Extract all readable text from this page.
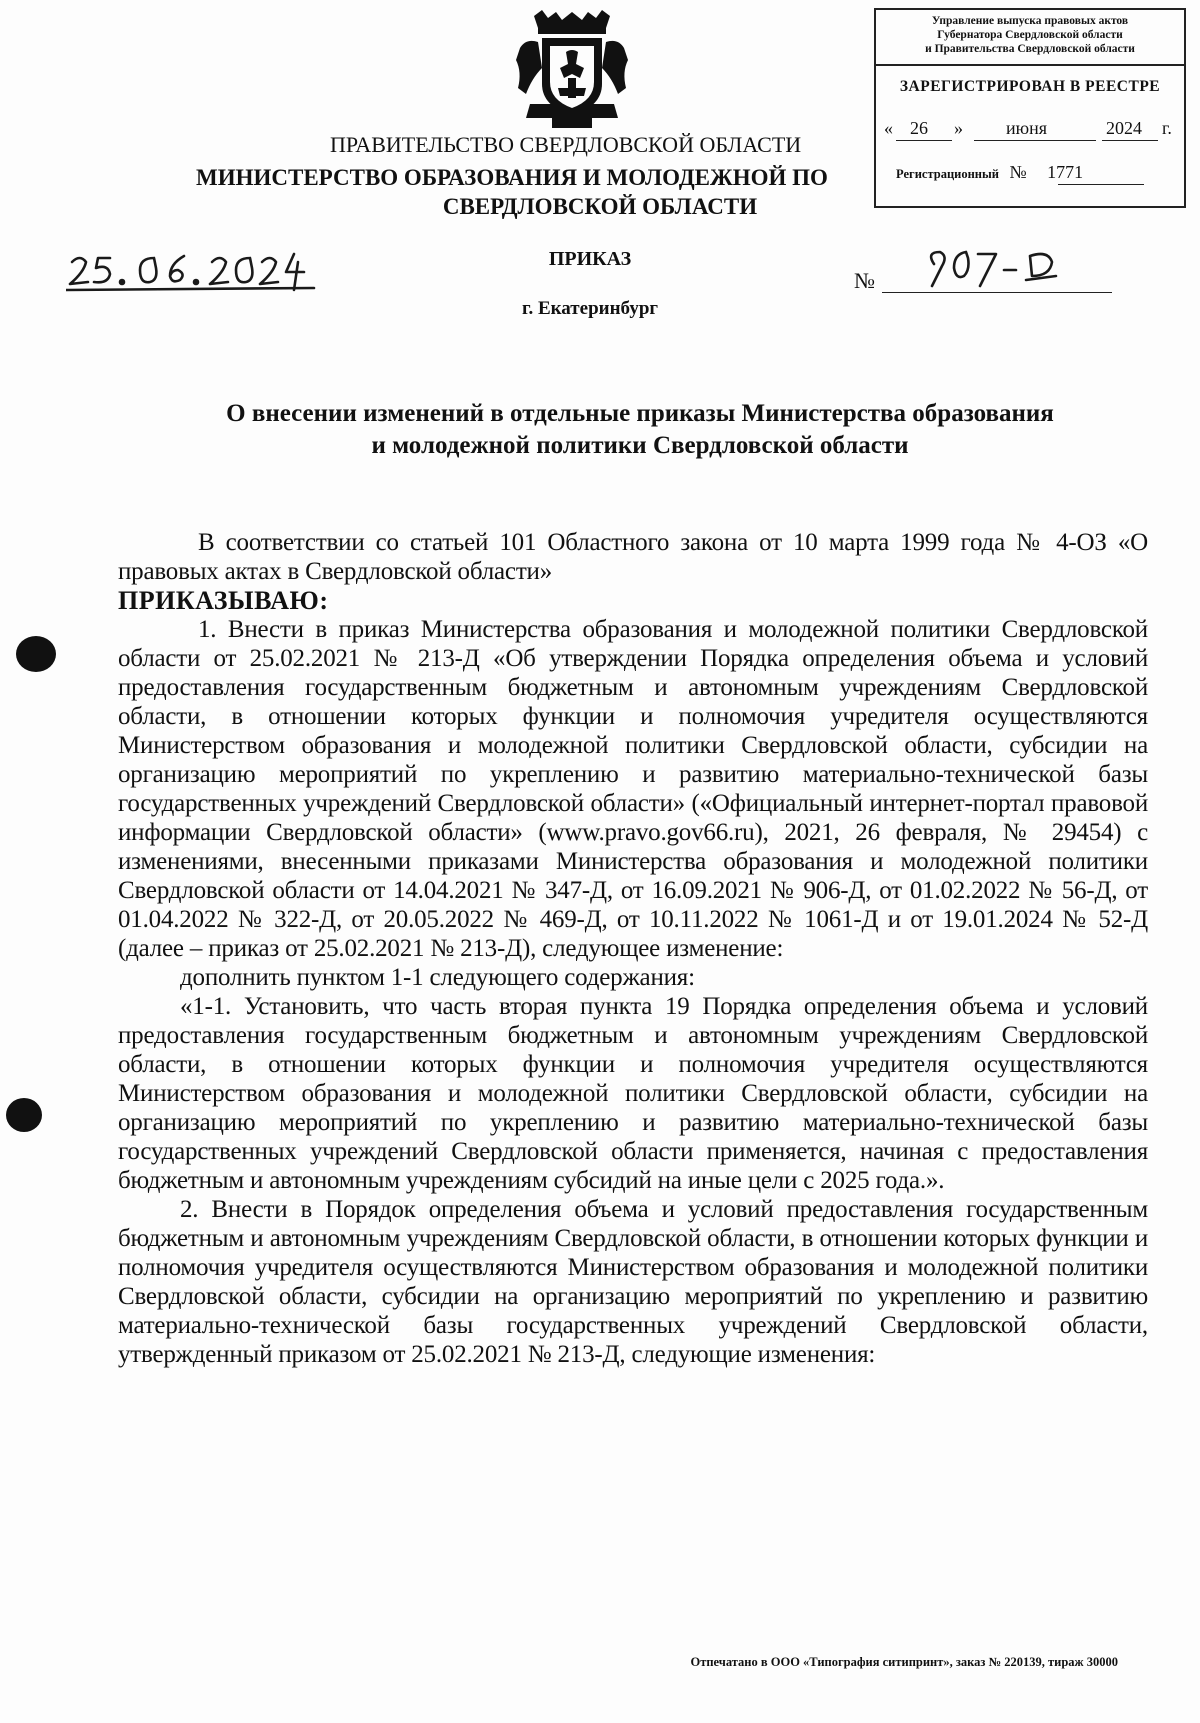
Управление выпуска правовых актов
Губернатора Свердловской области
и Правительства Свердловской области
ЗАРЕГИСТРИРОВАН В РЕЕСТРЕ
« 26 » июня	2024 г.
Регистрационный № 1771
ПРАВИТЕЛЬСТВО СВЕРДЛОВСКОЙ ОБЛАСТИ
МИНИСТЕРСТВО ОБРАЗОВАНИЯ И МОЛОДЕЖНОЙ ПО
СВЕРДЛОВСКОЙ ОБЛАСТИ
ПРИКАЗ
г. Екатеринбург
№
О внесении изменений в отдельные приказы Министерства образования
и молодежной политики Свердловской области

В соответствии со статьей 101 Областного закона от 10 марта 1999 года № 4-ОЗ «О правовых актах в Свердловской области»

ПРИКАЗЫВАЮ:

1. Внести в приказ Министерства образования и молодежной политики Свердловской области от 25.02.2021 № 213-Д «Об утверждении Порядка определения объема и условий предоставления государственным бюджетным и автономным учреждениям Свердловской области, в отношении которых функции и полномочия учредителя осуществляются Министерством образования и молодежной политики Свердловской области, субсидии на организацию мероприятий по укреплению и развитию материально-технической базы государственных учреждений Свердловской области» («Официальный интернет-портал правовой информации Свердловской области» (www.pravo.gov66.ru), 2021, 26 февраля, № 29454) с изменениями, внесенными приказами Министерства образования и молодежной политики Свердловской области от 14.04.2021 № 347-Д, от 16.09.2021 № 906-Д, от 01.02.2022 № 56-Д, от 01.04.2022 № 322-Д, от 20.05.2022 № 469-Д, от 10.11.2022 № 1061-Д и от 19.01.2024 № 52-Д (далее – приказ от 25.02.2021 № 213-Д), следующее изменение:

дополнить пунктом 1-1 следующего содержания:

«1-1. Установить, что часть вторая пункта 19 Порядка определения объема и условий предоставления государственным бюджетным и автономным учреждениям Свердловской области, в отношении которых функции и полномочия учредителя осуществляются Министерством образования и молодежной политики Свердловской области, субсидии на организацию мероприятий по укреплению и развитию материально-технической базы государственных учреждений Свердловской области применяется, начиная с предоставления бюджетным и автономным учреждениям субсидий на иные цели с 2025 года.».

2. Внести в Порядок определения объема и условий предоставления государственным бюджетным и автономным учреждениям Свердловской области, в отношении которых функции и полномочия учредителя осуществляются Министерством образования и молодежной политики Свердловской области, субсидии на организацию мероприятий по укреплению и развитию материально-технической базы государственных учреждений Свердловской области, утвержденный приказом от 25.02.2021 № 213-Д, следующие изменения:

Отпечатано в ООО «Типография ситипринт», заказ № 220139, тираж 30000
